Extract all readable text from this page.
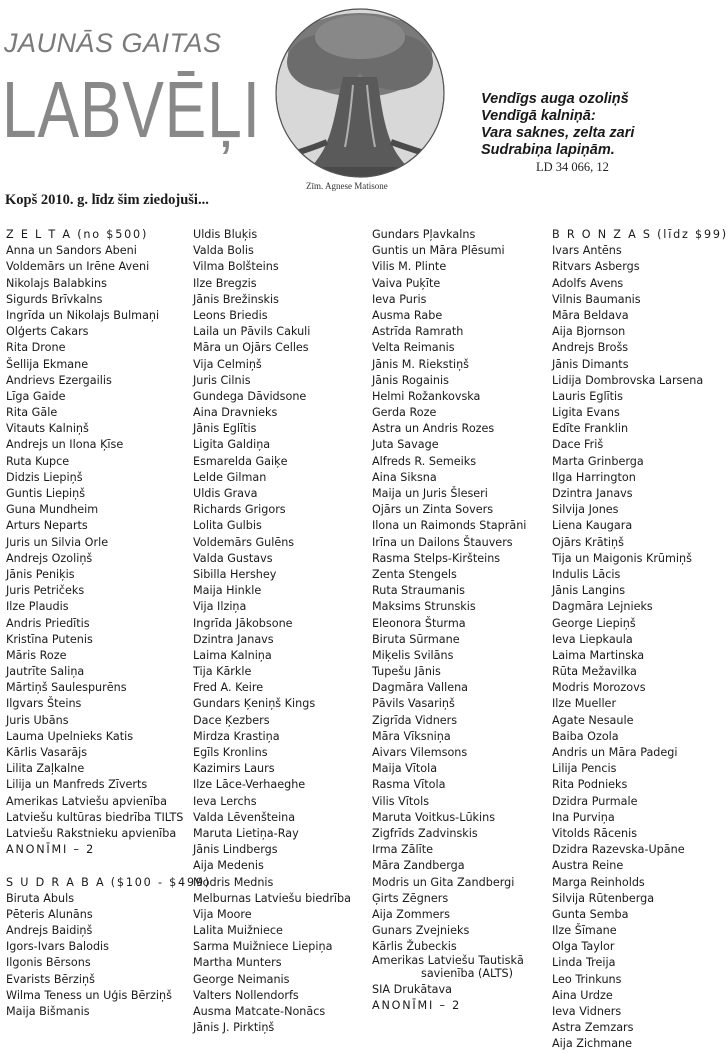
JAUNĀS GAITAS
LABVĒĻI
Zīm. Agnese Matisone
Vendīgs auga ozoliņš
Vendīgā kalniņā:
Vara saknes, zelta zari
Sudrabiņa lapiņām.
LD 34 066, 12
Kopš 2010. g. līdz šim ziedojuši...
Z E L T A (no $500)
Anna un Sandors Abeni
Voldemārs un Irēne Aveni
Nikolajs Balabkins
Sigurds Brīvkalns
Ingrīda un Nikolajs Bulmaņi
Olģerts Cakars
Rita Drone
Šellija Ekmane
Andrievs Ezergailis
Līga Gaide
Rita Gāle
Vitauts Kalniņš
Andrejs un Ilona Ķīse
Ruta Kupce
Didzis Liepiņš
Guntis Liepiņš
Guna Mundheim
Arturs Neparts
Juris un Silvia Orle
Andrejs Ozoliņš
Jānis Peniķis
Juris Petričeks
Ilze Plaudis
Andris Priedītis
Kristīna Putenis
Māris Roze
Jautrīte Saliņa
Mārtiņš Saulespurēns
Ilgvars Šteins
Juris Ubāns
Lauma Upelnieks Katis
Kārlis Vasarājs
Lilita Zaļkalne
Lilija un Manfreds Zīverts
Amerikas Latviešu apvienība
Latviešu kultūras biedrība TILTS
Latviešu Rakstnieku apvienība
ANONĪMI – 2
S U D R A B A ($100 - $499)
Biruta Abuls
Pēteris Alunāns
Andrejs Baidiņš
Igors-Ivars Balodis
Ilgonis Bērsons
Evarists Bērziņš
Wilma Teness un Uģis Bērziņš
Maija Bišmanis
Uldis Bluķis
Valda Bolis
Vilma Bolšteins
Ilze Bregzis
Jānis Brežinskis
Leons Briedis
Laila un Pāvils Cakuli
Māra un Ojārs Celles
Vija Celmiņš
Juris Cilnis
Gundega Dāvidsone
Aina Dravnieks
Jānis Eglītis
Ligita Galdiņa
Esmarelda Gaiķe
Lelde Gilman
Uldis Grava
Richards Grigors
Lolita Gulbis
Voldemārs Gulēns
Valda Gustavs
Sibilla Hershey
Maija Hinkle
Vija Ilziņa
Ingrīda Jākobsone
Dzintra Janavs
Laima Kalniņa
Tija Kārkle
Fred A. Keire
Gundars Ķeniņš Kings
Dace Ķezbers
Mirdza Krastiņa
Egīls Kronlins
Kazimirs Laurs
Ilze Lāce-Verhaeghe
Ieva Lerchs
Valda Lēvenšteina
Maruta Lietiņa-Ray
Jānis Lindbergs
Aija Medenis
Modris Mednis
Melburnas Latviešu biedrība
Vija Moore
Lalita Muižniece
Sarma Muižniece Liepiņa
Martha Munters
George Neimanis
Valters Nollendorfs
Ausma Matcate-Nonācs
Jānis J. Pirktiņš
Gundars Pļavkalns
Guntis un Māra Plēsumi
Vilis M. Plinte
Vaiva Puķīte
Ieva Puris
Ausma Rabe
Astrīda Ramrath
Velta Reimanis
Jānis M. Riekstiņš
Jānis Rogainis
Helmi Rožankovska
Gerda Roze
Astra un Andris Rozes
Juta Savage
Alfreds R. Semeiks
Aina Siksna
Maija un Juris Šleseri
Ojārs un Zinta Sovers
Ilona un Raimonds Staprāni
Irīna un Dailons Štauvers
Rasma Stelps-Kiršteins
Zenta Stengels
Ruta Straumanis
Maksims Strunskis
Eleonora Šturma
Biruta Sūrmane
Miķelis Svilāns
Tupešu Jānis
Dagmāra Vallena
Pāvils Vasariņš
Zigrīda Vidners
Māra Vīksniņa
Aivars Vilemsons
Maija Vītola
Rasma Vītola
Vilis Vītols
Maruta Voitkus-Lūkins
Zigfrīds Zadvinskis
Irma Zālīte
Māra Zandberga
Modris un Gita Zandbergi
Ģirts Zēgners
Aija Zommers
Gunars Zvejnieks
Kārlis Žubeckis
Amerikas Latviešu Tautiskā
savienība (ALTS)
SIA Drukātava
ANONĪMI – 2
B R O N Z A S (līdz $99)
Ivars Antēns
Ritvars Asbergs
Adolfs Avens
Vilnis Baumanis
Māra Beldava
Aija Bjornson
Andrejs Brošs
Jānis Dimants
Lidija Dombrovska Larsena
Lauris Eglītis
Ligita Evans
Edīte Franklin
Dace Friš
Marta Grinberga
Ilga Harrington
Dzintra Janavs
Silvija Jones
Liena Kaugara
Ojārs Krātiņš
Tija un Maigonis Krūmiņš
Indulis Lācis
Jānis Langins
Dagmāra Lejnieks
George Liepiņš
Ieva Liepkaula
Laima Martinska
Rūta Mežavilka
Modris Morozovs
Ilze Mueller
Agate Nesaule
Baiba Ozola
Andris un Māra Padegi
Lilija Pencis
Rita Podnieks
Dzidra Purmale
Ina Purviņa
Vitolds Rācenis
Dzidra Razevska-Upāne
Austra Reine
Marga Reinholds
Silvija Rūtenberga
Gunta Semba
Ilze Šīmane
Olga Taylor
Linda Treija
Leo Trinkuns
Aina Urdze
Ieva Vidners
Astra Zemzars
Aija Zichmane
